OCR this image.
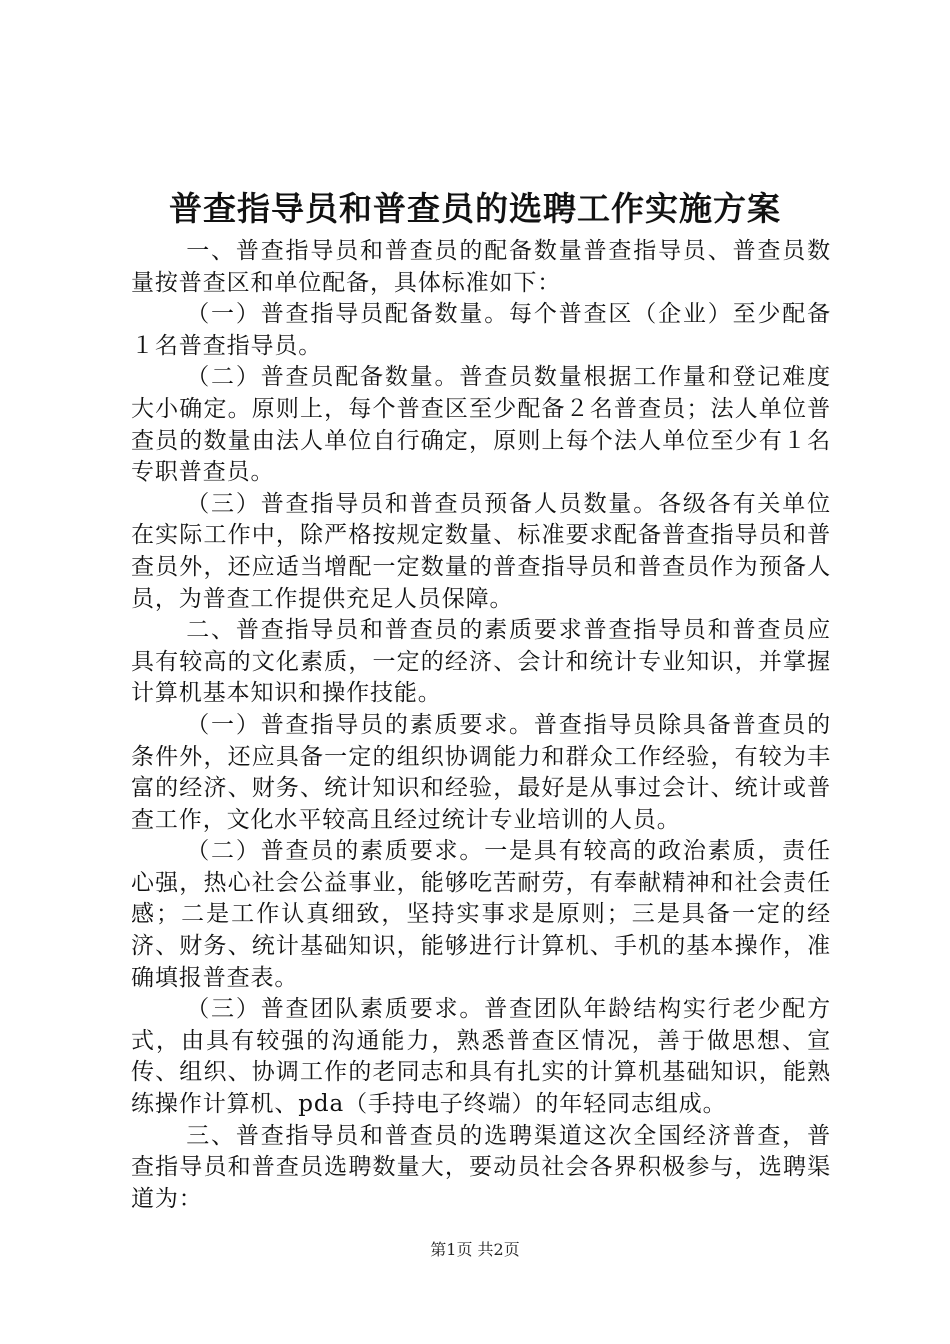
普查指导员和普查员的选聘工作实施方案

一、普查指导员和普查员的配备数量普查指导员、普查员数量按普查区和单位配备，具体标准如下：

（一）普查指导员配备数量。每个普查区（企业）至少配备１名普查指导员。

（二）普查员配备数量。普查员数量根据工作量和登记难度大小确定。原则上，每个普查区至少配备２名普查员；法人单位普查员的数量由法人单位自行确定，原则上每个法人单位至少有１名专职普查员。

（三）普查指导员和普查员预备人员数量。各级各有关单位在实际工作中，除严格按规定数量、标准要求配备普查指导员和普查员外，还应适当增配一定数量的普查指导员和普查员作为预备人员，为普查工作提供充足人员保障。

二、普查指导员和普查员的素质要求普查指导员和普查员应具有较高的文化素质，一定的经济、会计和统计专业知识，并掌握计算机基本知识和操作技能。

（一）普查指导员的素质要求。普查指导员除具备普查员的条件外，还应具备一定的组织协调能力和群众工作经验，有较为丰富的经济、财务、统计知识和经验，最好是从事过会计、统计或普查工作，文化水平较高且经过统计专业培训的人员。

（二）普查员的素质要求。一是具有较高的政治素质，责任心强，热心社会公益事业，能够吃苦耐劳，有奉献精神和社会责任感；二是工作认真细致，坚持实事求是原则；三是具备一定的经济、财务、统计基础知识，能够进行计算机、手机的基本操作，准确填报普查表。

（三）普查团队素质要求。普查团队年龄结构实行老少配方式，由具有较强的沟通能力，熟悉普查区情况，善于做思想、宣传、组织、协调工作的老同志和具有扎实的计算机基础知识，能熟练操作计算机、pda（手持电子终端）的年轻同志组成。

三、普查指导员和普查员的选聘渠道这次全国经济普查，普查指导员和普查员选聘数量大，要动员社会各界积极参与，选聘渠道为：

第1页 共2页
